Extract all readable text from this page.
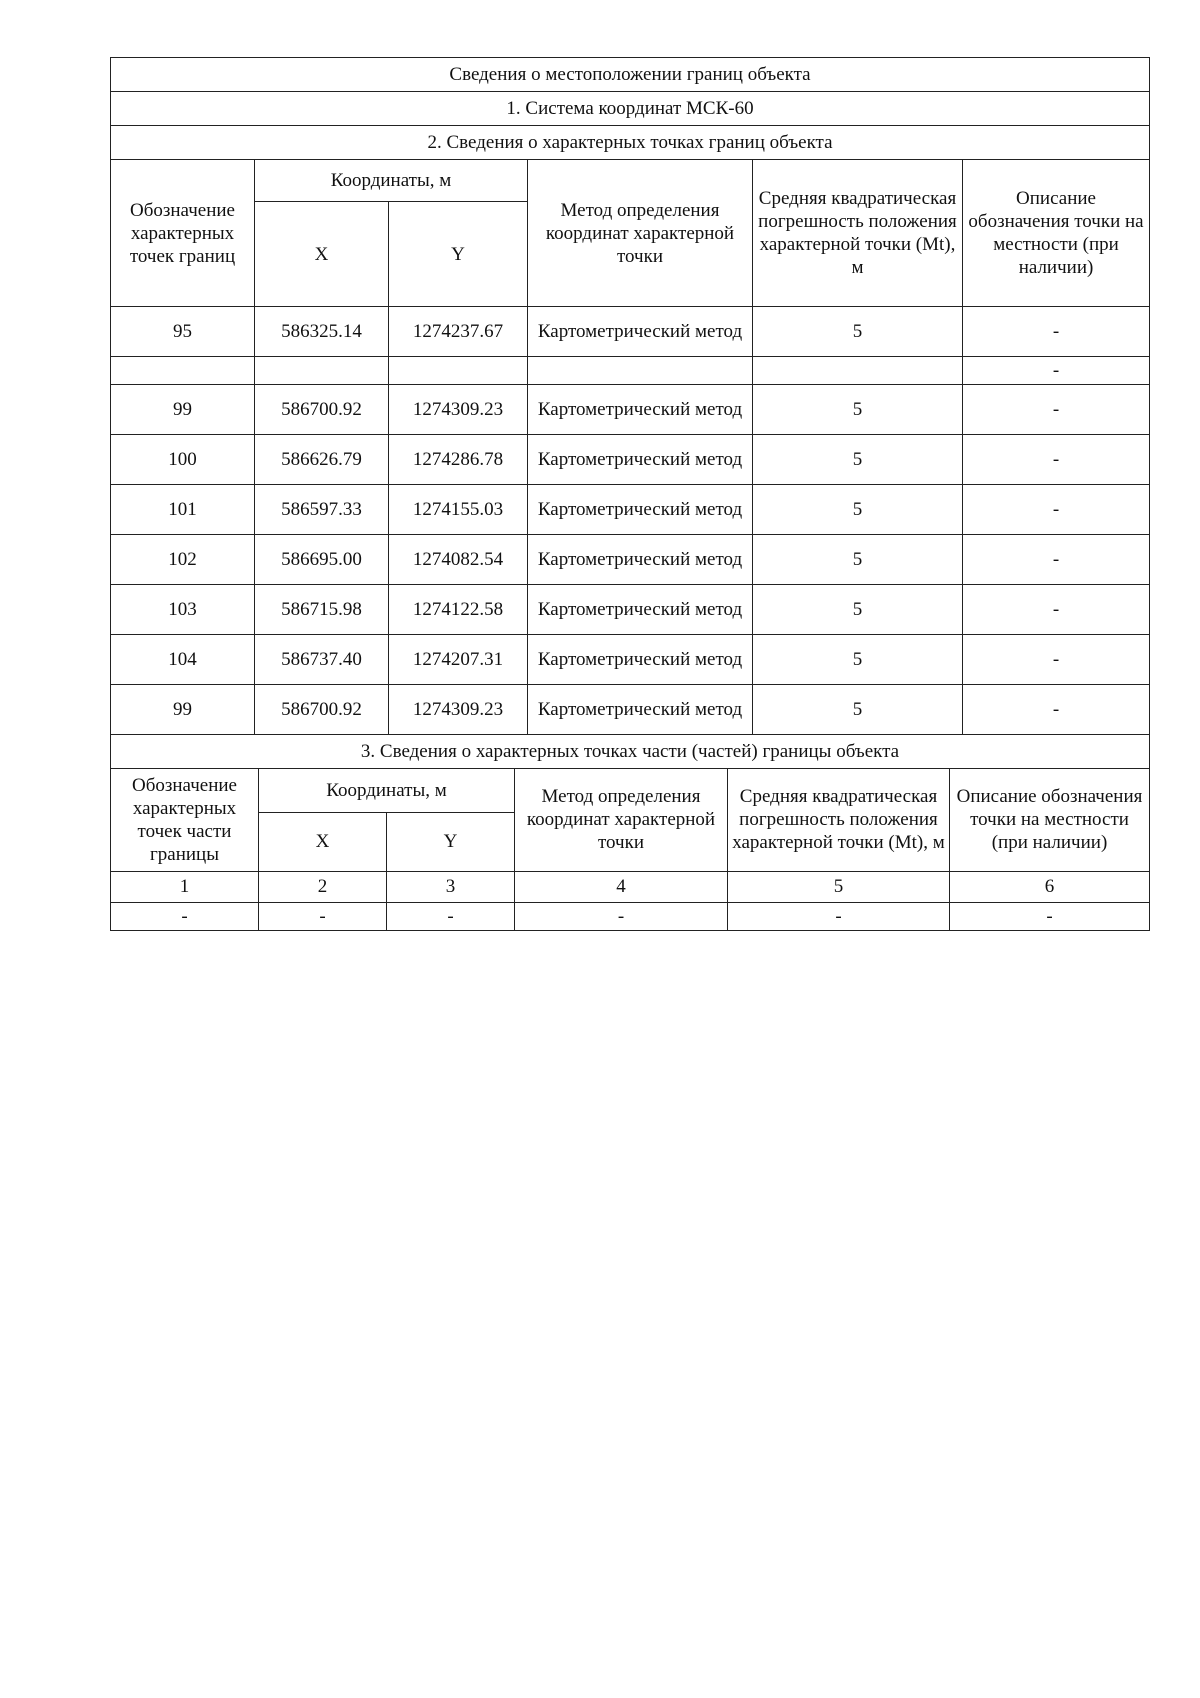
Сведения о местоположении границ объекта					
1. Система координат МСК-60					
2. Сведения о характерных точках границ объекта					
Обозначение характерных точек границ	Координаты, м		Метод определения координат характерной точки	Средняя квадратическая погрешность положения характерной точки (Mt), м	Описание обозначения точки на местности (при наличии)
	X	Y			
95	586325.14	1274237.67	Картометрический метод	5	-
					-
99	586700.92	1274309.23	Картометрический метод	5	-
100	586626.79	1274286.78	Картометрический метод	5	-
101	586597.33	1274155.03	Картометрический метод	5	-
102	586695.00	1274082.54	Картометрический метод	5	-
103	586715.98	1274122.58	Картометрический метод	5	-
104	586737.40	1274207.31	Картометрический метод	5	-
99	586700.92	1274309.23	Картометрический метод	5	-
3. Сведения о характерных точках части (частей) границы объекта					
Обозначение характерных точек части границы	Координаты, м		Метод определения координат характерной точки	Средняя квадратическая погрешность положения характерной точки (Mt), м	Описание обозначения точки на местности (при наличии)
	X	Y			
1	2	3	4	5	6
-	-	-	-	-	-
